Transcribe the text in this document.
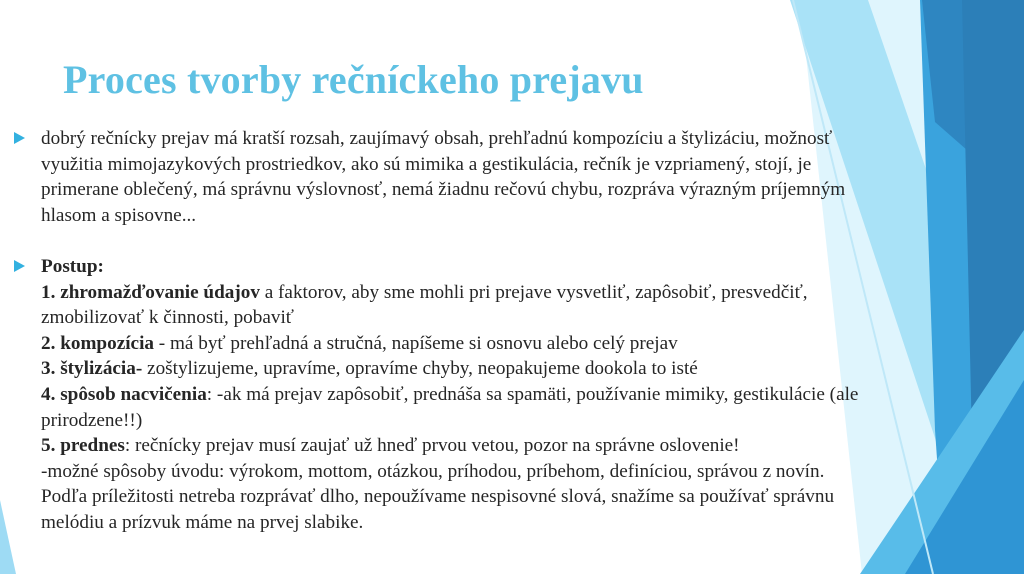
Proces tvorby rečníckeho prejavu
dobrý rečnícky prejav má kratší rozsah, zaujímavý obsah, prehľadnú kompozíciu a štylizáciu, možnosť využitia mimojazykových prostriedkov, ako sú mimika a gestikulácia, rečník je vzpriamený, stojí, je primerane oblečený, má správnu výslovnosť, nemá žiadnu rečovú chybu, rozpráva výrazným príjemným hlasom a spisovne...
Postup:
1. zhromažďovanie údajov a faktorov, aby sme mohli pri prejave vysvetliť, zapôsobiť, presvedčiť, zmobilizovať k činnosti, pobaviť
2. kompozícia - má byť prehľadná a stručná, napíšeme si osnovu alebo celý prejav
3. štylizácia- zoštylizujeme, upravíme, opravíme chyby, neopakujeme dookola to isté
4. spôsob nacvičenia: -ak má prejav zapôsobiť, prednáša sa spamäti, používanie mimiky, gestikulácie (ale prirodzene!!)
5. prednes: rečnícky prejav musí zaujať už hneď prvou vetou, pozor na správne oslovenie!
-možné spôsoby úvodu: výrokom, mottom, otázkou, príhodou, príbehom, definíciou, správou z novín. Podľa príležitosti netreba rozprávať dlho, nepoužívame nespisovné slová, snažíme sa používať správnu melódiu a prízvuk máme na prvej slabike.
